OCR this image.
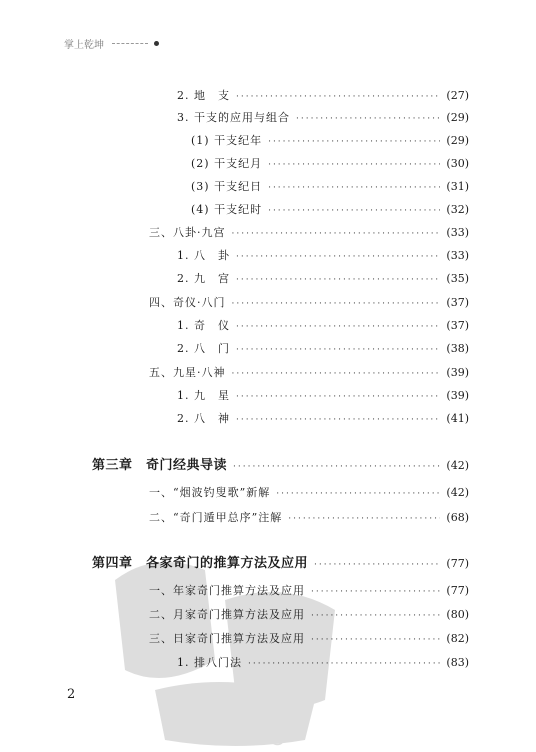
掌上乾坤
2. 地　支 ·····	(27)
3. 干支的应用与组合 ·····	(29)
(1) 干支纪年 ·····	(29)
(2) 干支纪月 ·····	(30)
(3) 干支纪日 ·····	(31)
(4) 干支纪时 ·····	(32)
三、八卦·九宫 ·····	(33)
1. 八　卦 ·····	(33)
2. 九　宫 ·····	(35)
四、奇仪·八门 ·····	(37)
1. 奇　仪 ·····	(37)
2. 八　门 ·····	(38)
五、九星·八神 ·····	(39)
1. 九　星 ·····	(39)
2. 八　神 ·····	(41)
第三章　奇门经典导读 ·····	(42)
一、“烟波钓叟歌”新解 ·····	(42)
二、“奇门遁甲总序”注解 ·····	(68)
第四章　各家奇门的推算方法及应用 ·····	(77)
一、年家奇门推算方法及应用 ·····	(77)
二、月家奇门推算方法及应用 ·····	(80)
三、日家奇门推算方法及应用 ·····	(82)
1. 排八门法 ·····	(83)
2
PDG
